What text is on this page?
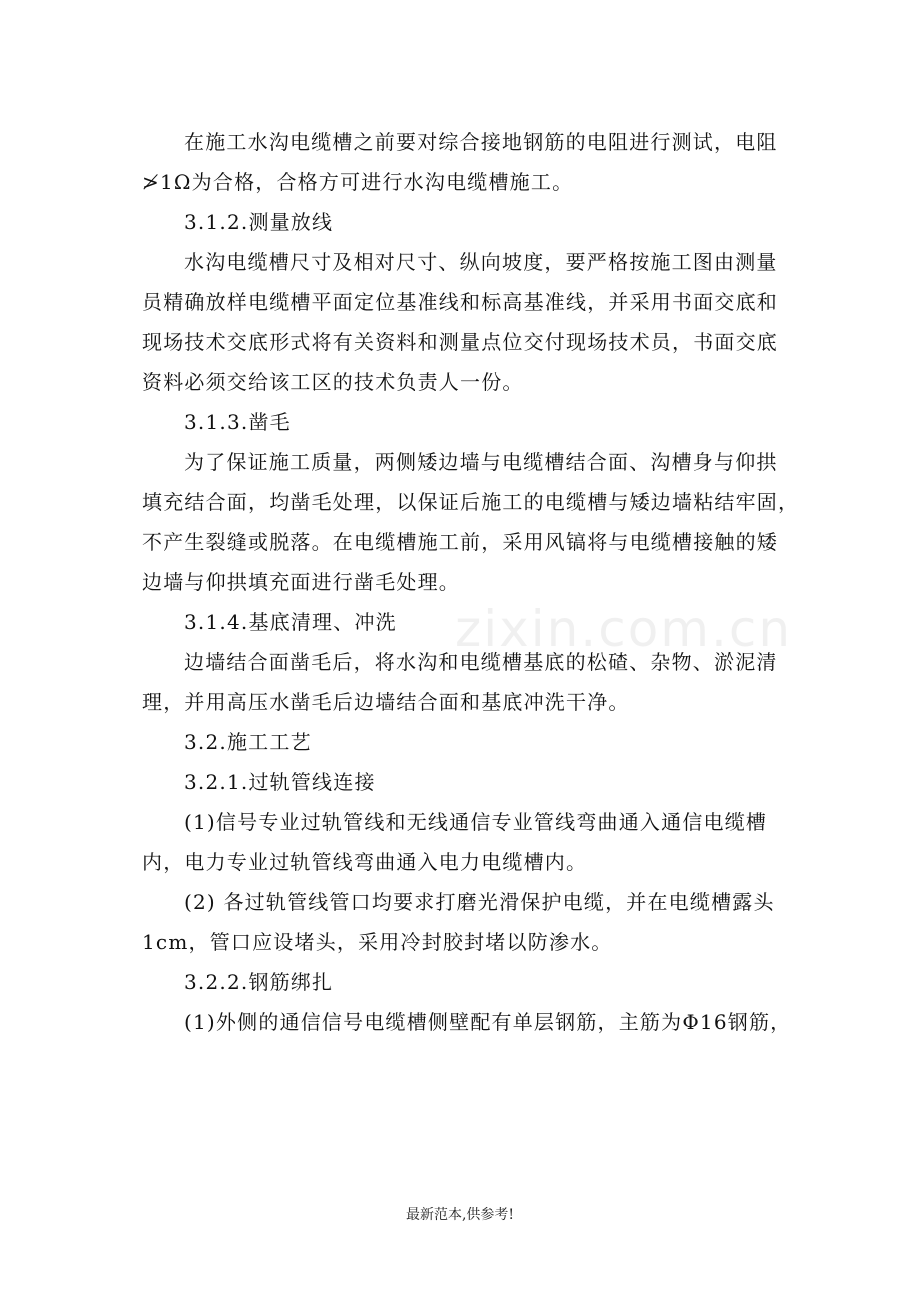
在施工水沟电缆槽之前要对综合接地钢筋的电阻进行测试，电阻
≯1Ω为合格，合格方可进行水沟电缆槽施工。
3.1.2.测量放线
水沟电缆槽尺寸及相对尺寸、纵向坡度，要严格按施工图由测量
员精确放样电缆槽平面定位基准线和标高基准线，并采用书面交底和
现场技术交底形式将有关资料和测量点位交付现场技术员，书面交底
资料必须交给该工区的技术负责人一份。
3.1.3.凿毛
为了保证施工质量，两侧矮边墙与电缆槽结合面、沟槽身与仰拱
填充结合面，均凿毛处理，以保证后施工的电缆槽与矮边墙粘结牢固，
不产生裂缝或脱落。在电缆槽施工前，采用风镐将与电缆槽接触的矮
边墙与仰拱填充面进行凿毛处理。
3.1.4.基底清理、冲洗
边墙结合面凿毛后，将水沟和电缆槽基底的松碴、杂物、淤泥清
理，并用高压水凿毛后边墙结合面和基底冲洗干净。
3.2.施工工艺
3.2.1.过轨管线连接
(1)信号专业过轨管线和无线通信专业管线弯曲通入通信电缆槽
内，电力专业过轨管线弯曲通入电力电缆槽内。
(2) 各过轨管线管口均要求打磨光滑保护电缆，并在电缆槽露头
1cm，管口应设堵头，采用冷封胶封堵以防渗水。
3.2.2.钢筋绑扎
(1)外侧的通信信号电缆槽侧壁配有单层钢筋，主筋为Φ16钢筋，
zixin.com.cn
最新范本,供参考!
